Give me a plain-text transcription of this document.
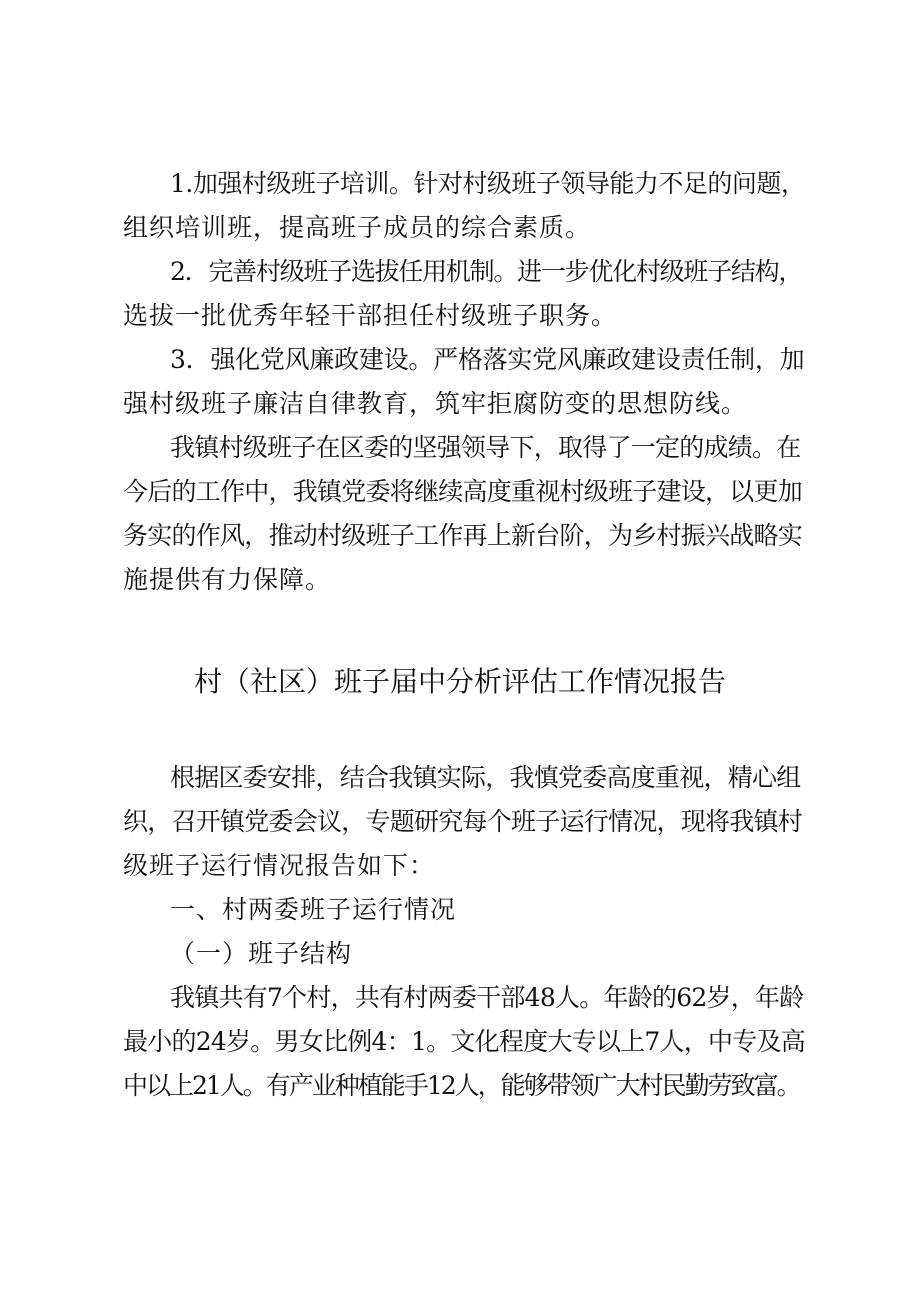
1.加强村级班子培训。针对村级班子领导能力不足的问题，
组织培训班，提高班子成员的综合素质。
2．完善村级班子选拔任用机制。进一步优化村级班子结构，
选拔一批优秀年轻干部担任村级班子职务。
3．强化党风廉政建设。严格落实党风廉政建设责任制，加
强村级班子廉洁自律教育，筑牢拒腐防变的思想防线。
我镇村级班子在区委的坚强领导下，取得了一定的成绩。在
今后的工作中，我镇党委将继续高度重视村级班子建设，以更加
务实的作风，推动村级班子工作再上新台阶，为乡村振兴战略实
施提供有力保障。
村（社区）班子届中分析评估工作情况报告
根据区委安排，结合我镇实际，我慎党委高度重视，精心组
织，召开镇党委会议，专题研究每个班子运行情况，现将我镇村
级班子运行情况报告如下：
一、村两委班子运行情况
（一）班子结构
我镇共有7个村，共有村两委干部48人。年龄的62岁，年龄
最小的24岁。男女比例4：1。文化程度大专以上7人，中专及高
中以上21人。有产业种植能手12人，能够带领广大村民勤劳致富。
